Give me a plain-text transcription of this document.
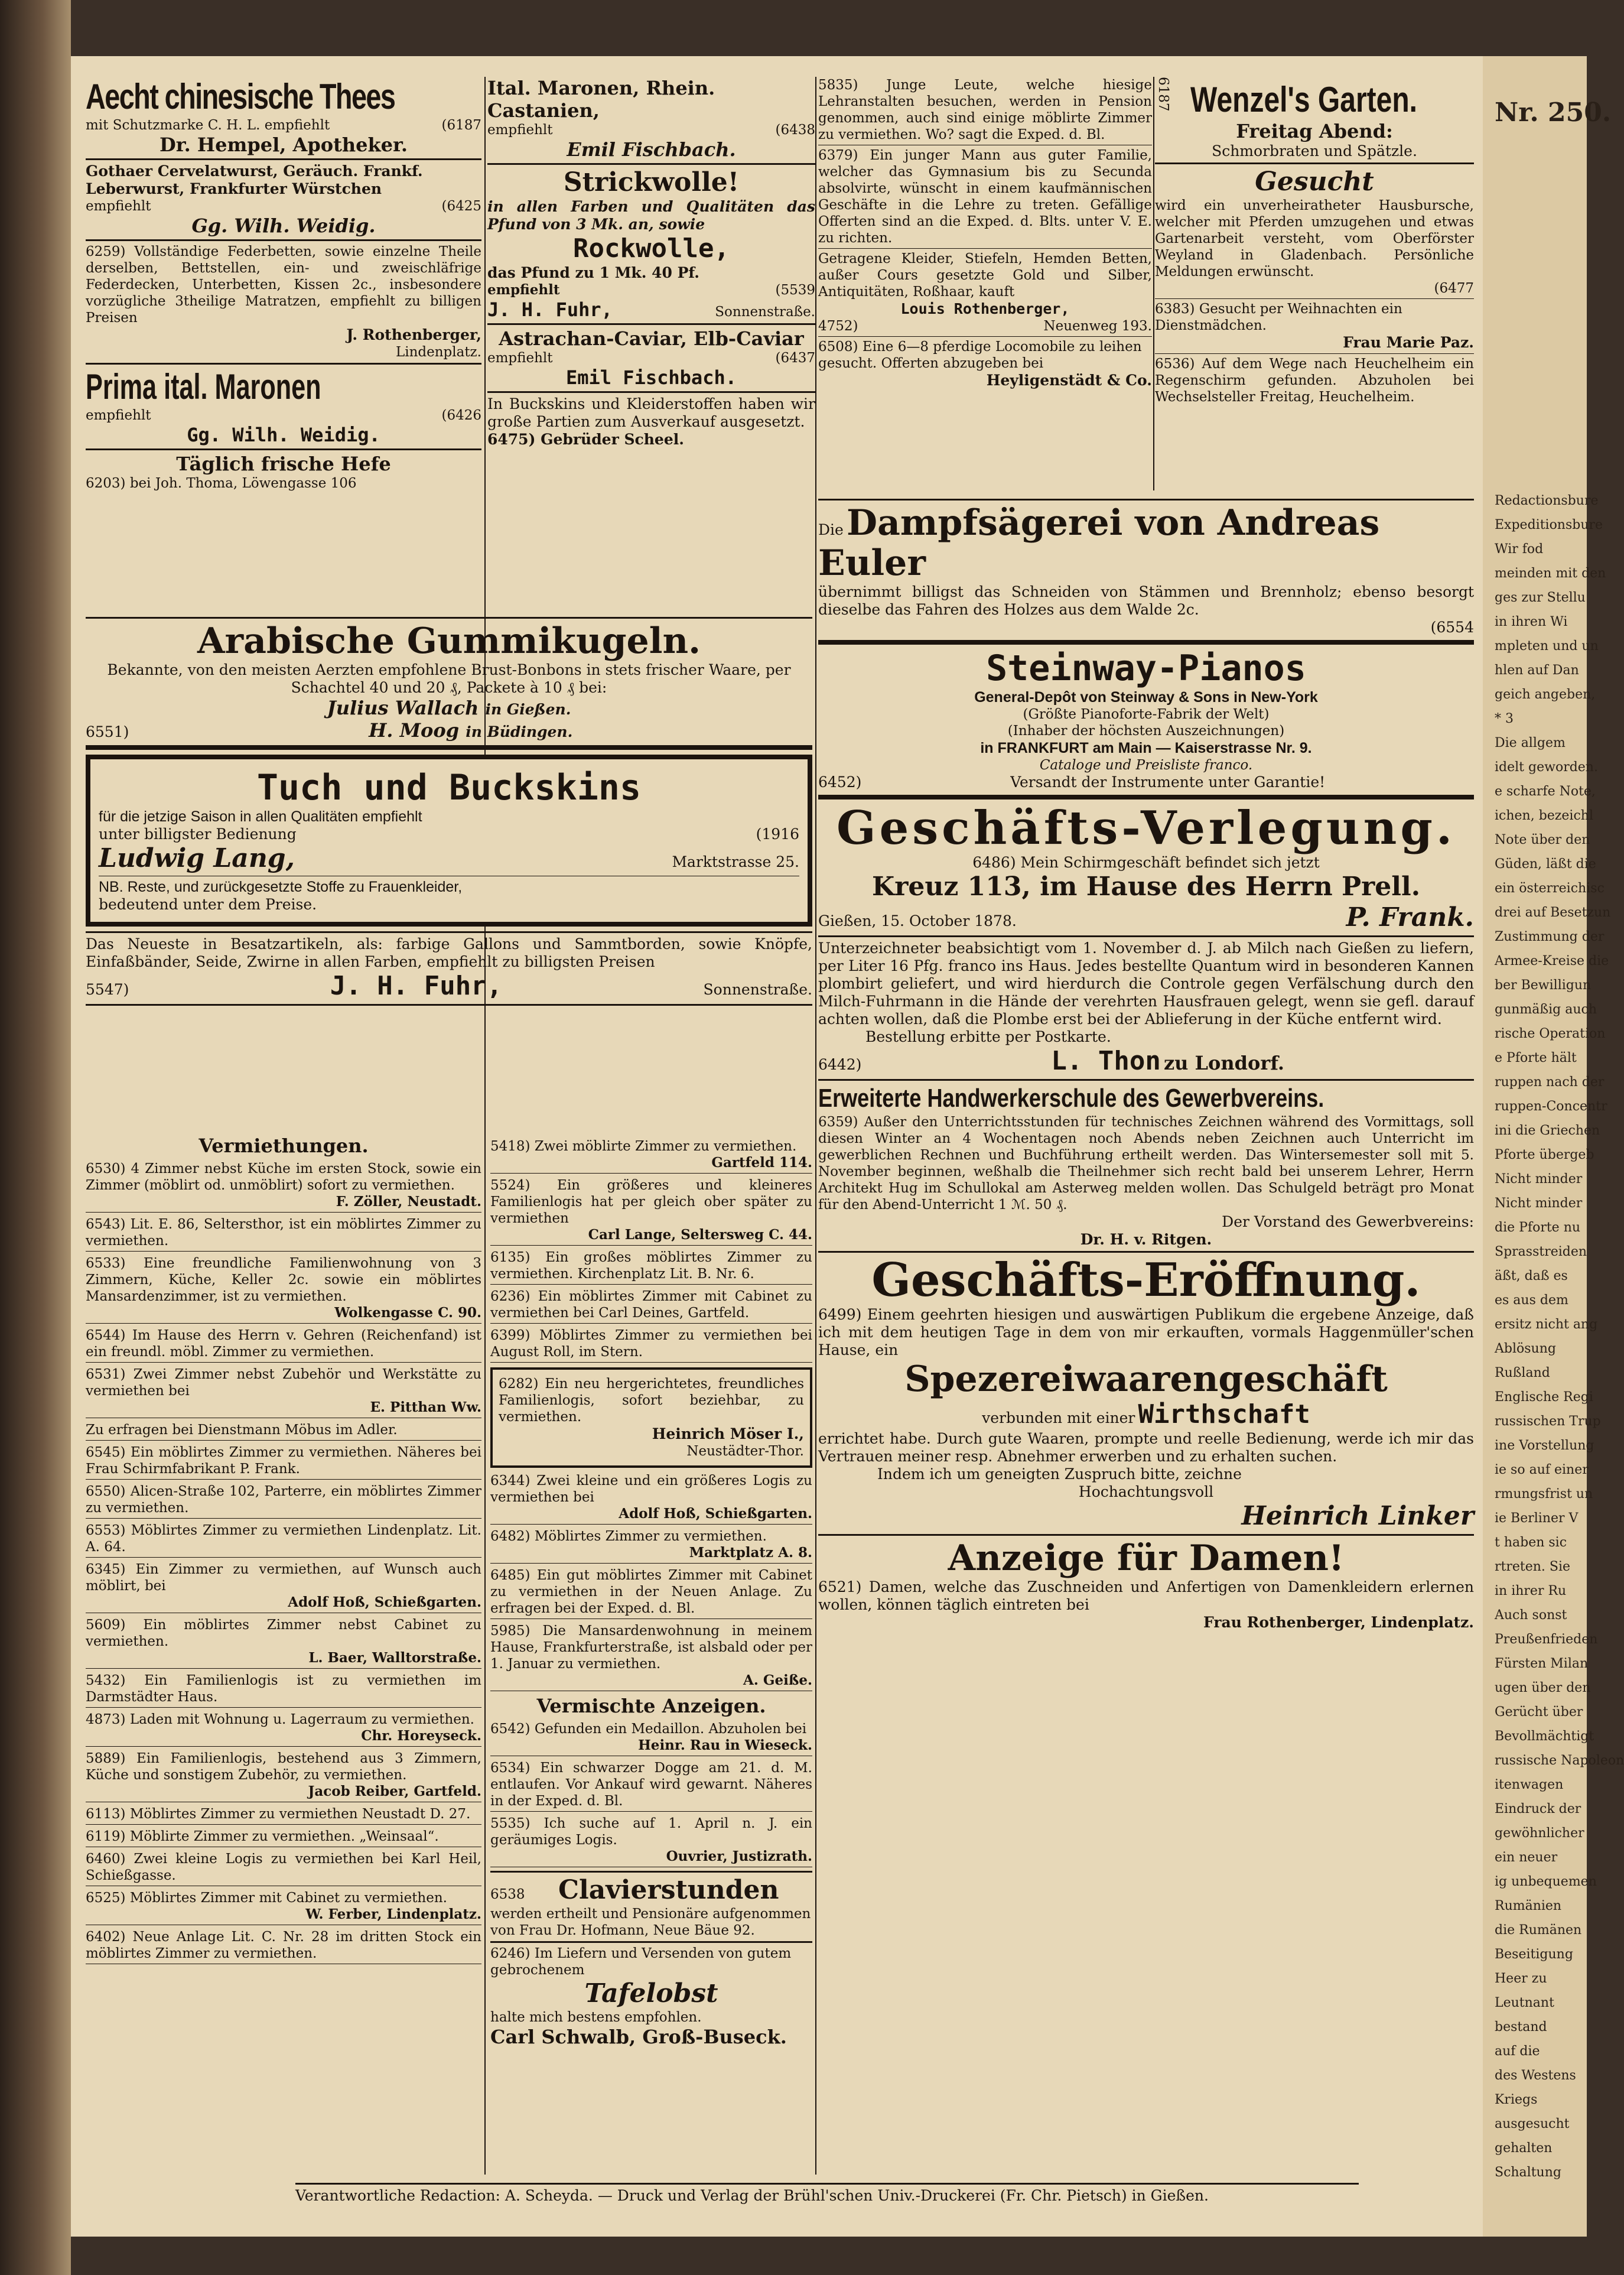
Aecht chinesische Thees
mit Schutzmarke C. H. L. empfiehlt	(6187
Dr. Hempel, Apotheker.
Gothaer Cervelatwurst, Geräuch. Frankf. Leberwurst, Frankfurter Würstchen
empfiehlt	(6425
Gg. Wilh. Weidig.
6259) Vollständige Federbetten, sowie einzelne Theile derselben, Bettstellen, ein- und zweischläfrige Federdecken, Unterbetten, Kissen 2c., insbesondere vorzügliche 3theilige Matratzen, empfiehlt zu billigen Preisen
J. Rothenberger,
Lindenplatz.
Prima ital. Maronen
empfiehlt	(6426
Gg. Wilh. Weidig.
Täglich frische Hefe
6203) bei Joh. Thoma, Löwengasse 106
Ital. Maronen, Rhein. Castanien,
empfiehlt	(6438
Emil Fischbach.
Strickwolle!
in allen Farben und Qualitäten das Pfund von 3 Mk. an, sowie
Rockwolle,
das Pfund zu 1 Mk. 40 Pf.
empfiehlt	(5539
J. H. Fuhr,	Sonnenstraße.
Astrachan-Caviar, Elb-Caviar
empfiehlt	(6437
Emil Fischbach.
In Buckskins und Kleiderstoffen haben wir große Partien zum Ausverkauf ausgesetzt.
6475) Gebrüder Scheel.
Arabische Gummikugeln.
Bekannte, von den meisten Aerzten empfohlene Brust-Bonbons in stets frischer Waare, per Schachtel 40 und 20 ₰, Packete à 10 ₰ bei:
Julius Wallach in Gießen.
6551)	H. Moog in Büdingen.
Tuch und Buckskins
für die jetzige Saison in allen Qualitäten empfiehlt
unter billigster Bedienung	(1916
Ludwig Lang,	Marktstrasse 25.
NB. Reste, und zurückgesetzte Stoffe zu Frauenkleider,
bedeutend unter dem Preise.
Das Neueste in Besatzartikeln, als: farbige Gallons und Sammtborden, sowie Knöpfe, Einfaßbänder, Seide, Zwirne in allen Farben, empfiehlt zu billigsten Preisen
5547)	J. H. Fuhr,	Sonnenstraße.
Vermiethungen.
6530) 4 Zimmer nebst Küche im ersten Stock, sowie ein Zimmer (möblirt od. unmöblirt) sofort zu vermiethen.
F. Zöller, Neustadt.
6543) Lit. E. 86, Seltersthor, ist ein möblirtes Zimmer zu vermiethen.
6533) Eine freundliche Familienwohnung von 3 Zimmern, Küche, Keller 2c. sowie ein möblirtes Mansardenzimmer, ist zu vermiethen.
Wolkengasse C. 90.
6544) Im Hause des Herrn v. Gehren (Reichenfand) ist ein freundl. möbl. Zimmer zu vermiethen.
6531) Zwei Zimmer nebst Zubehör und Werkstätte zu vermiethen bei
E. Pitthan Ww.
Zu erfragen bei Dienstmann Möbus im Adler.
6545) Ein möblirtes Zimmer zu vermiethen. Näheres bei Frau Schirmfabrikant P. Frank.
6550) Alicen-Straße 102, Parterre, ein möblirtes Zimmer zu vermiethen.
6553) Möblirtes Zimmer zu vermiethen Lindenplatz. Lit. A. 64.
6345) Ein Zimmer zu vermiethen, auf Wunsch auch möblirt, bei
Adolf Hoß, Schießgarten.
5609) Ein möblirtes Zimmer nebst Cabinet zu vermiethen.
L. Baer, Walltorstraße.
5432) Ein Familienlogis ist zu vermiethen im Darmstädter Haus.
4873) Laden mit Wohnung u. Lagerraum zu vermiethen.
Chr. Horeyseck.
5889) Ein Familienlogis, bestehend aus 3 Zimmern, Küche und sonstigem Zubehör, zu vermiethen.
Jacob Reiber, Gartfeld.
6113) Möblirtes Zimmer zu vermiethen Neustadt D. 27.
6119) Möblirte Zimmer zu vermiethen. „Weinsaal“.
6460) Zwei kleine Logis zu vermiethen bei Karl Heil, Schießgasse.
6525) Möblirtes Zimmer mit Cabinet zu vermiethen.
W. Ferber, Lindenplatz.
6402) Neue Anlage Lit. C. Nr. 28 im dritten Stock ein möblirtes Zimmer zu vermiethen.
5418) Zwei möblirte Zimmer zu vermiethen.
Gartfeld 114.
5524) Ein größeres und kleineres Familienlogis hat per gleich ober später zu vermiethen
Carl Lange, Seltersweg C. 44.
6135) Ein großes möblirtes Zimmer zu vermiethen. Kirchenplatz Lit. B. Nr. 6.
6236) Ein möblirtes Zimmer mit Cabinet zu vermiethen bei Carl Deines, Gartfeld.
6399) Möblirtes Zimmer zu vermiethen bei August Roll, im Stern.
6282) Ein neu hergerichtetes, freundliches Familienlogis, sofort beziehbar, zu vermiethen.
Heinrich Möser I.,
Neustädter-Thor.
6344) Zwei kleine und ein größeres Logis zu vermiethen bei
Adolf Hoß, Schießgarten.
6482) Möblirtes Zimmer zu vermiethen.
Marktplatz A. 8.
6485) Ein gut möblirtes Zimmer mit Cabinet zu vermiethen in der Neuen Anlage. Zu erfragen bei der Exped. d. Bl.
5985) Die Mansardenwohnung in meinem Hause, Frankfurterstraße, ist alsbald oder per 1. Januar zu vermiethen.
A. Geiße.
Vermischte Anzeigen.
6542) Gefunden ein Medaillon. Abzuholen bei
Heinr. Rau in Wieseck.
6534) Ein schwarzer Dogge am 21. d. M. entlaufen. Vor Ankauf wird gewarnt. Näheres in der Exped. d. Bl.
5535) Ich suche auf 1. April n. J. ein geräumiges Logis.
Ouvrier, Justizrath.
6538 Clavierstunden
werden ertheilt und Pensionäre aufgenommen von Frau Dr. Hofmann, Neue Bäue 92.
6246) Im Liefern und Versenden von gutem gebrochenem
Tafelobst
halte mich bestens empfohlen.
Carl Schwalb, Groß-Buseck.
5835) Junge Leute, welche hiesige Lehranstalten besuchen, werden in Pension genommen, auch sind einige möblirte Zimmer zu vermiethen. Wo? sagt die Exped. d. Bl.
6379) Ein junger Mann aus guter Familie, welcher das Gymnasium bis zu Secunda absolvirte, wünscht in einem kaufmännischen Geschäfte in die Lehre zu treten. Gefällige Offerten sind an die Exped. d. Blts. unter V. E. zu richten.
Getragene Kleider, Stiefeln, Hemden Betten, außer Cours gesetzte Gold und Silber, Antiquitäten, Roßhaar, kauft
Louis Rothenberger,
4752)	Neuenweg 193.
6508) Eine 6—8 pferdige Locomobile zu leihen gesucht. Offerten abzugeben bei
Heyligenstädt & Co.
6187 Wenzel's Garten.
Freitag Abend:
Schmorbraten und Spätzle.
Gesucht
wird ein unverheiratheter Hausbursche, welcher mit Pferden umzugehen und etwas Gartenarbeit versteht, vom Oberförster Weyland in Gladenbach. Persönliche Meldungen erwünscht.
(6477
6383) Gesucht per Weihnachten ein Dienstmädchen.
Frau Marie Paz.
6536) Auf dem Wege nach Heuchelheim ein Regenschirm gefunden. Abzuholen bei Wechselsteller Freitag, Heuchelheim.
Die Dampfsägerei von Andreas Euler
übernimmt billigst das Schneiden von Stämmen und Brennholz; ebenso besorgt dieselbe das Fahren des Holzes aus dem Walde 2c.
(6554
Steinway-Pianos
General-Depôt von Steinway & Sons in New-York
(Größte Pianoforte-Fabrik der Welt)
(Inhaber der höchsten Auszeichnungen)
in FRANKFURT am Main — Kaiserstrasse Nr. 9.
Cataloge und Preisliste franco.
6452)	Versandt der Instrumente unter Garantie!
Geschäfts-Verlegung.
6486) Mein Schirmgeschäft befindet sich jetzt
Kreuz 113, im Hause des Herrn Prell.
Gießen, 15. October 1878.	P. Frank.
Unterzeichneter beabsichtigt vom 1. November d. J. ab Milch nach Gießen zu liefern, per Liter 16 Pfg. franco ins Haus. Jedes bestellte Quantum wird in besonderen Kannen plombirt geliefert, und wird hierdurch die Controle gegen Verfälschung durch den Milch-Fuhrmann in die Hände der verehrten Hausfrauen gelegt, wenn sie gefl. darauf achten wollen, daß die Plombe erst bei der Ablieferung in der Küche entfernt wird.
Bestellung erbitte per Postkarte.
6442)	L. Thon zu Londorf.
Erweiterte Handwerkerschule des Gewerbvereins.
6359) Außer den Unterrichtsstunden für technisches Zeichnen während des Vormittags, soll diesen Winter an 4 Wochentagen noch Abends neben Zeichnen auch Unterricht im gewerblichen Rechnen und Buchführung ertheilt werden. Das Wintersemester soll mit 5. November beginnen, weßhalb die Theilnehmer sich recht bald bei unserem Lehrer, Herrn Architekt Hug im Schullokal am Asterweg melden wollen. Das Schulgeld beträgt pro Monat für den Abend-Unterricht 1 ℳ. 50 ₰.
Der Vorstand des Gewerbvereins:
Dr. H. v. Ritgen.
Geschäfts-Eröffnung.
6499) Einem geehrten hiesigen und auswärtigen Publikum die ergebene Anzeige, daß ich mit dem heutigen Tage in dem von mir erkauften, vormals Haggenmüller'schen Hause, ein
Spezereiwaarengeschäft
verbunden mit einer Wirthschaft
errichtet habe. Durch gute Waaren, prompte und reelle Bedienung, werde ich mir das Vertrauen meiner resp. Abnehmer erwerben und zu erhalten suchen.
Indem ich um geneigten Zuspruch bitte, zeichne
Hochachtungsvoll
Heinrich Linker
Anzeige für Damen!
6521) Damen, welche das Zuschneiden und Anfertigen von Damenkleidern erlernen wollen, können täglich eintreten bei
Frau Rothenberger, Lindenplatz.
Verantwortliche Redaction: A. Scheyda. — Druck und Verlag der Brühl'schen Univ.-Druckerei (Fr. Chr. Pietsch) in Gießen.
Nr. 250.
Redactionsbure
Expeditionsbure
Wir fod
meinden mit den
ges zur Stellu
in ihren Wi
mpleten und un
hlen auf Dan
geich angeben,
* 3
Die allgem
idelt geworden.
e scharfe Note,
ichen, bezeichl
Note über den
Güden, läßt die
ein österreichisc
drei auf Besetzun
Zustimmung der
Armee-Kreise die
ber Bewilligun
gunmäßig auch
rische Operation
e Pforte hält
ruppen nach der
ruppen-Concentr
ini die Griechen
Pforte übergeb
Nicht minder
Nicht minder
die Pforte nu
Sprasstreiden
äßt, daß es
es aus dem
ersitz nicht ang
Ablösung
Rußland
Englische Regi
russischen Trup
ine Vorstellung
ie so auf einer
rmungsfrist un
ie Berliner V
t haben sic
rtreten. Sie
in ihrer Ru
Auch sonst
Preußenfrieden
Fürsten Milan
ugen über den
Gerücht über
Bevollmächtigt
russische Napoleon
itenwagen
Eindruck der
gewöhnlicher
ein neuer
ig unbequemen
Rumänien
die Rumänen
Beseitigung
Heer zu
Leutnant
bestand
auf die
des Westens
Kriegs
ausgesucht
gehalten
Schaltung
